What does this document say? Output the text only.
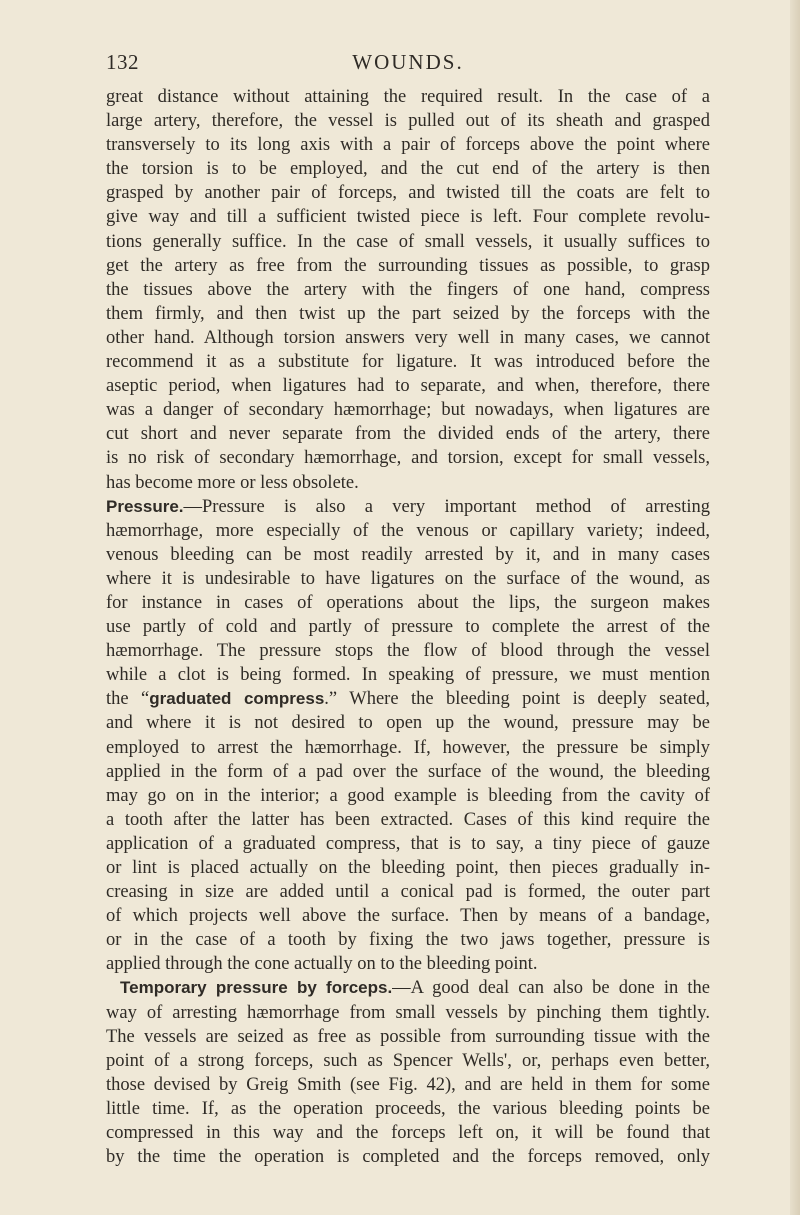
132	WOUNDS.
great distance without attaining the required result. In the case of a
large artery, therefore, the vessel is pulled out of its sheath and grasped
transversely to its long axis with a pair of forceps above the point where
the torsion is to be employed, and the cut end of the artery is then
grasped by another pair of forceps, and twisted till the coats are felt to
give way and till a sufficient twisted piece is left. Four complete revolu-
tions generally suffice. In the case of small vessels, it usually suffices to
get the artery as free from the surrounding tissues as possible, to grasp
the tissues above the artery with the fingers of one hand, compress
them firmly, and then twist up the part seized by the forceps with the
other hand. Although torsion answers very well in many cases, we cannot
recommend it as a substitute for ligature. It was introduced before the
aseptic period, when ligatures had to separate, and when, therefore, there
was a danger of secondary hæmorrhage; but nowadays, when ligatures are
cut short and never separate from the divided ends of the artery, there
is no risk of secondary hæmorrhage, and torsion, except for small vessels,
has become more or less obsolete.
Pressure.—Pressure is also a very important method of arresting
hæmorrhage, more especially of the venous or capillary variety; indeed,
venous bleeding can be most readily arrested by it, and in many cases
where it is undesirable to have ligatures on the surface of the wound, as
for instance in cases of operations about the lips, the surgeon makes
use partly of cold and partly of pressure to complete the arrest of the
hæmorrhage. The pressure stops the flow of blood through the vessel
while a clot is being formed. In speaking of pressure, we must mention
the “graduated compress.” Where the bleeding point is deeply seated,
and where it is not desired to open up the wound, pressure may be
employed to arrest the hæmorrhage. If, however, the pressure be simply
applied in the form of a pad over the surface of the wound, the bleeding
may go on in the interior; a good example is bleeding from the cavity of
a tooth after the latter has been extracted. Cases of this kind require the
application of a graduated compress, that is to say, a tiny piece of gauze
or lint is placed actually on the bleeding point, then pieces gradually in-
creasing in size are added until a conical pad is formed, the outer part
of which projects well above the surface. Then by means of a bandage,
or in the case of a tooth by fixing the two jaws together, pressure is
applied through the cone actually on to the bleeding point.
Temporary pressure by forceps.—A good deal can also be done in the
way of arresting hæmorrhage from small vessels by pinching them tightly.
The vessels are seized as free as possible from surrounding tissue with the
point of a strong forceps, such as Spencer Wells', or, perhaps even better,
those devised by Greig Smith (see Fig. 42), and are held in them for some
little time. If, as the operation proceeds, the various bleeding points be
compressed in this way and the forceps left on, it will be found that
by the time the operation is completed and the forceps removed, only
